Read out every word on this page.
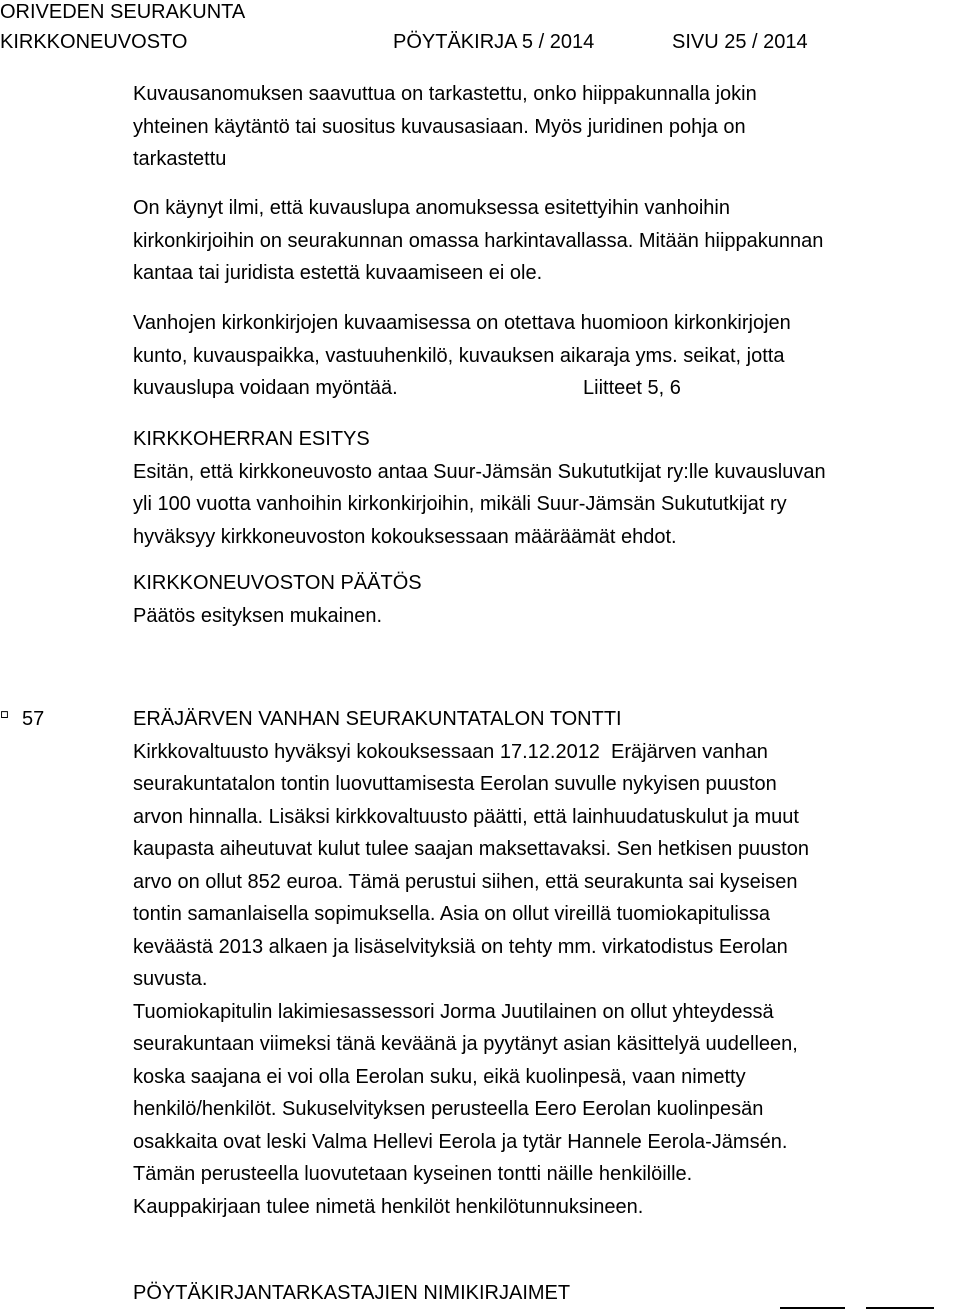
ORIVEDEN SEURAKUNTA
KIRKKONEUVOSTO	PÖYTÄKIRJA 5 / 2014	SIVU 25 / 2014
Kuvausanomuksen saavuttua on tarkastettu, onko hiippakunnalla jokin
yhteinen käytäntö tai suositus kuvausasiaan. Myös juridinen pohja on
tarkastettu
On käynyt ilmi, että kuvauslupa anomuksessa esitettyihin vanhoihin
kirkonkirjoihin on seurakunnan omassa harkintavallassa. Mitään hiippakunnan
kantaa tai juridista estettä kuvaamiseen ei ole.
Vanhojen kirkonkirjojen kuvaamisessa on otettava huomioon kirkonkirjojen
kunto, kuvauspaikka, vastuuhenkilö, kuvauksen aikaraja yms. seikat, jotta
kuvauslupa voidaan myöntää.	Liitteet 5, 6
KIRKKOHERRAN ESITYS
Esitän, että kirkkoneuvosto antaa Suur-Jämsän Sukututkijat ry:lle kuvausluvan
yli 100 vuotta vanhoihin kirkonkirjoihin, mikäli Suur-Jämsän Sukututkijat ry
hyväksyy kirkkoneuvoston kokouksessaan määräämät ehdot.
KIRKKONEUVOSTON PÄÄTÖS
Päätös esityksen mukainen.
⸋ 57	ERÄJÄRVEN VANHAN SEURAKUNTATALON TONTTI
Kirkkovaltuusto hyväksyi kokouksessaan 17.12.2012  Eräjärven vanhan
seurakuntatalon tontin luovuttamisesta Eerolan suvulle nykyisen puuston
arvon hinnalla. Lisäksi kirkkovaltuusto päätti, että lainhuudatuskulut ja muut
kaupasta aiheutuvat kulut tulee saajan maksettavaksi. Sen hetkisen puuston
arvo on ollut 852 euroa. Tämä perustui siihen, että seurakunta sai kyseisen
tontin samanlaisella sopimuksella. Asia on ollut vireillä tuomiokapitulissa
keväästä 2013 alkaen ja lisäselvityksiä on tehty mm. virkatodistus Eerolan
suvusta.
Tuomiokapitulin lakimiesassessori Jorma Juutilainen on ollut yhteydessä
seurakuntaan viimeksi tänä keväänä ja pyytänyt asian käsittelyä uudelleen,
koska saajana ei voi olla Eerolan suku, eikä kuolinpesä, vaan nimetty
henkilö/henkilöt. Sukuselvityksen perusteella Eero Eerolan kuolinpesän
osakkaita ovat leski Valma Hellevi Eerola ja tytär Hannele Eerola-Jämsén.
Tämän perusteella luovutetaan kyseinen tontti näille henkilöille.
Kauppakirjaan tulee nimetä henkilöt henkilötunnuksineen.
PÖYTÄKIRJANTARKASTAJIEN NIMIKIRJAIMET
